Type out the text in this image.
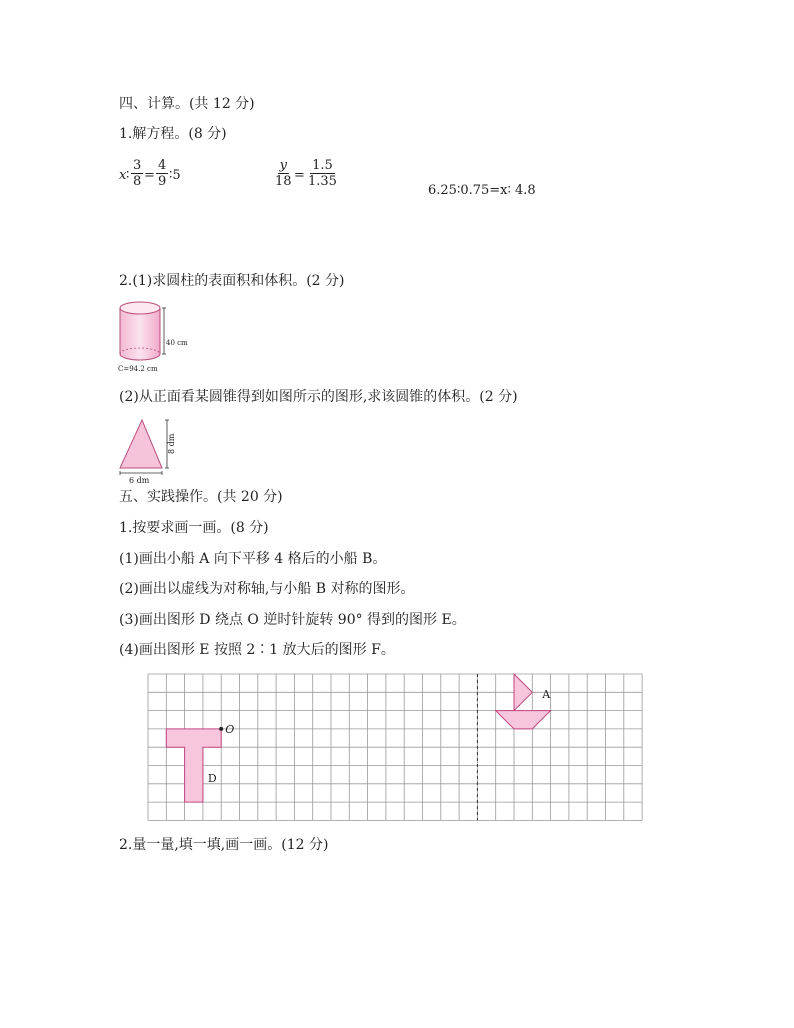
四、计算。(共 12 分)
1.解方程。(8 分)
x ∶ $\frac{3}{8} = \frac{4}{9}$ ∶5	$\frac{y}{18} = \frac{1.5}{1.35}$
6.25∶0.75=x∶ 4.8
2.(1)求圆柱的表面积和体积。(2 分)
40 cm
C=94.2 cm
(2)从正面看某圆锥得到如图所示的图形,求该圆锥的体积。(2 分)
8 dm
6 dm
五、实践操作。(共 20 分)
1.按要求画一画。(8 分)
(1)画出小船 A 向下平移 4 格后的小船 B。
(2)画出以虚线为对称轴,与小船 B 对称的图形。
(3)画出图形 D 绕点 O 逆时针旋转 90° 得到的图形 E。
(4)画出图形 E 按照 2∶1 放大后的图形 F。
O
D
A
2.量一量,填一填,画一画。(12 分)
